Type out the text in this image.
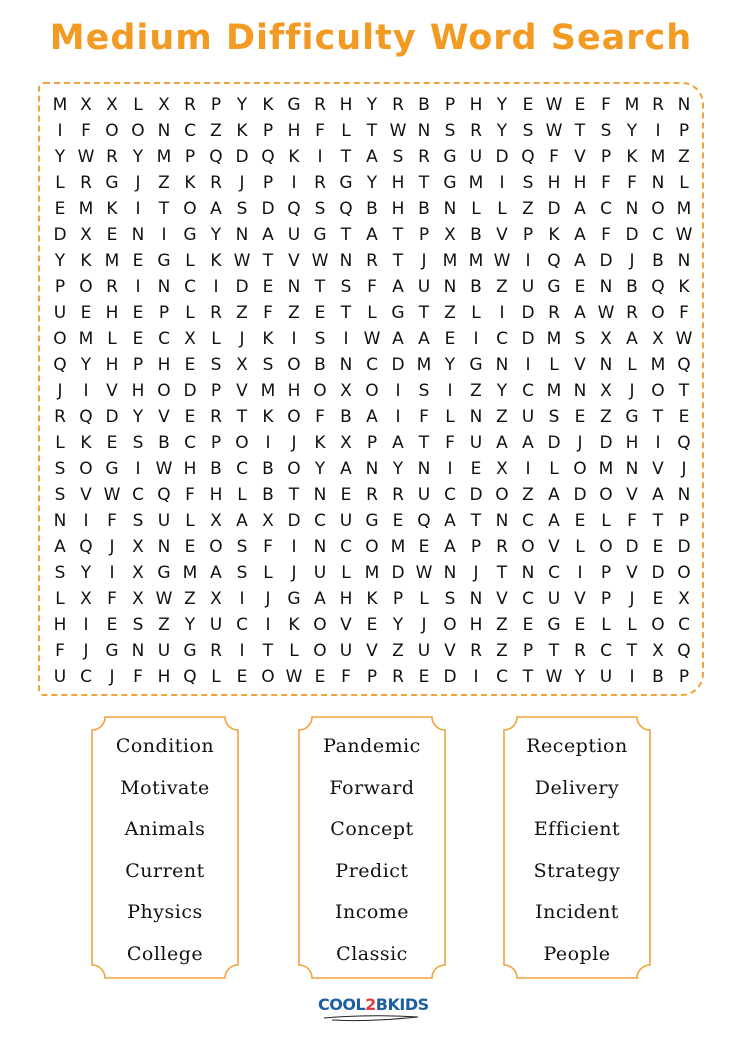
Medium Difficulty Word Search
M X X L X R P Y K G R H Y R B P H Y E W E F M R N
I	F O O N C Z K P H F L T W N S R Y S W T S Y	I	P
Y W R Y M P Q D Q K	I	T A S R G U D Q F V P K M Z
L R G J	Z K R	J	P	I	R G Y H T G M I	S H H F F N L
E M K	I	T O A S D Q S Q B H B N L L Z D A C N O M
D X E N	I G Y N A U G T A T P X B V P K A F D C W
Y K M E G L K W T V W N R T	J M M W I Q A D J	B N
P O R	I	N C	I D E N T S F A U N B Z U G E N B Q K
U E H E P L R Z F Z E T L G T Z L	I D R A W R O F
O M L E C X L	J	K	I	S	I W A A E	I	C D M S X A X W
Q Y H P H E S X S O B N C D M Y G N	I	L V N L M Q
J	I	V H O D P V M H O X O I	S	I	Z Y C M N X	J O T
R Q D Y V E R T K O F B A	I	F L N Z U S E Z G T E
L K E S B C P O I	J	K X P A T F U A A D J D H	I Q
S O G I W H B C B O Y A N Y N	I	E X	I	L O M N V	J
S V W C Q F H L B T N E R R U C D O Z A D O V A N
N	I	F S U L X A X D C U G E Q A T N C A E L F T P
A Q J	X N E O S F	I	N C O M E A P R O V L O D E D
S Y	I	X G M A S L	J	U L M D W N	J	T N C	I	P V D O
L X F X W Z X	I	J G A H K P L S N V C U V P	J	E X
H	I	E S Z Y U C	I	K O V E Y	J O H Z E G E L L O C
F	J G N U G R	I	T L O U V Z U V R Z P T R C T X Q
U C	J	F H Q L E O W E F P R E D I	C T W Y U	I	B P
Condition
Motivate
Animals
Current
Physics
College
Pandemic
Forward
Concept
Predict
Income
Classic
Reception
Delivery
Efficient
Strategy
Incident
People
COOL2BKIDS
